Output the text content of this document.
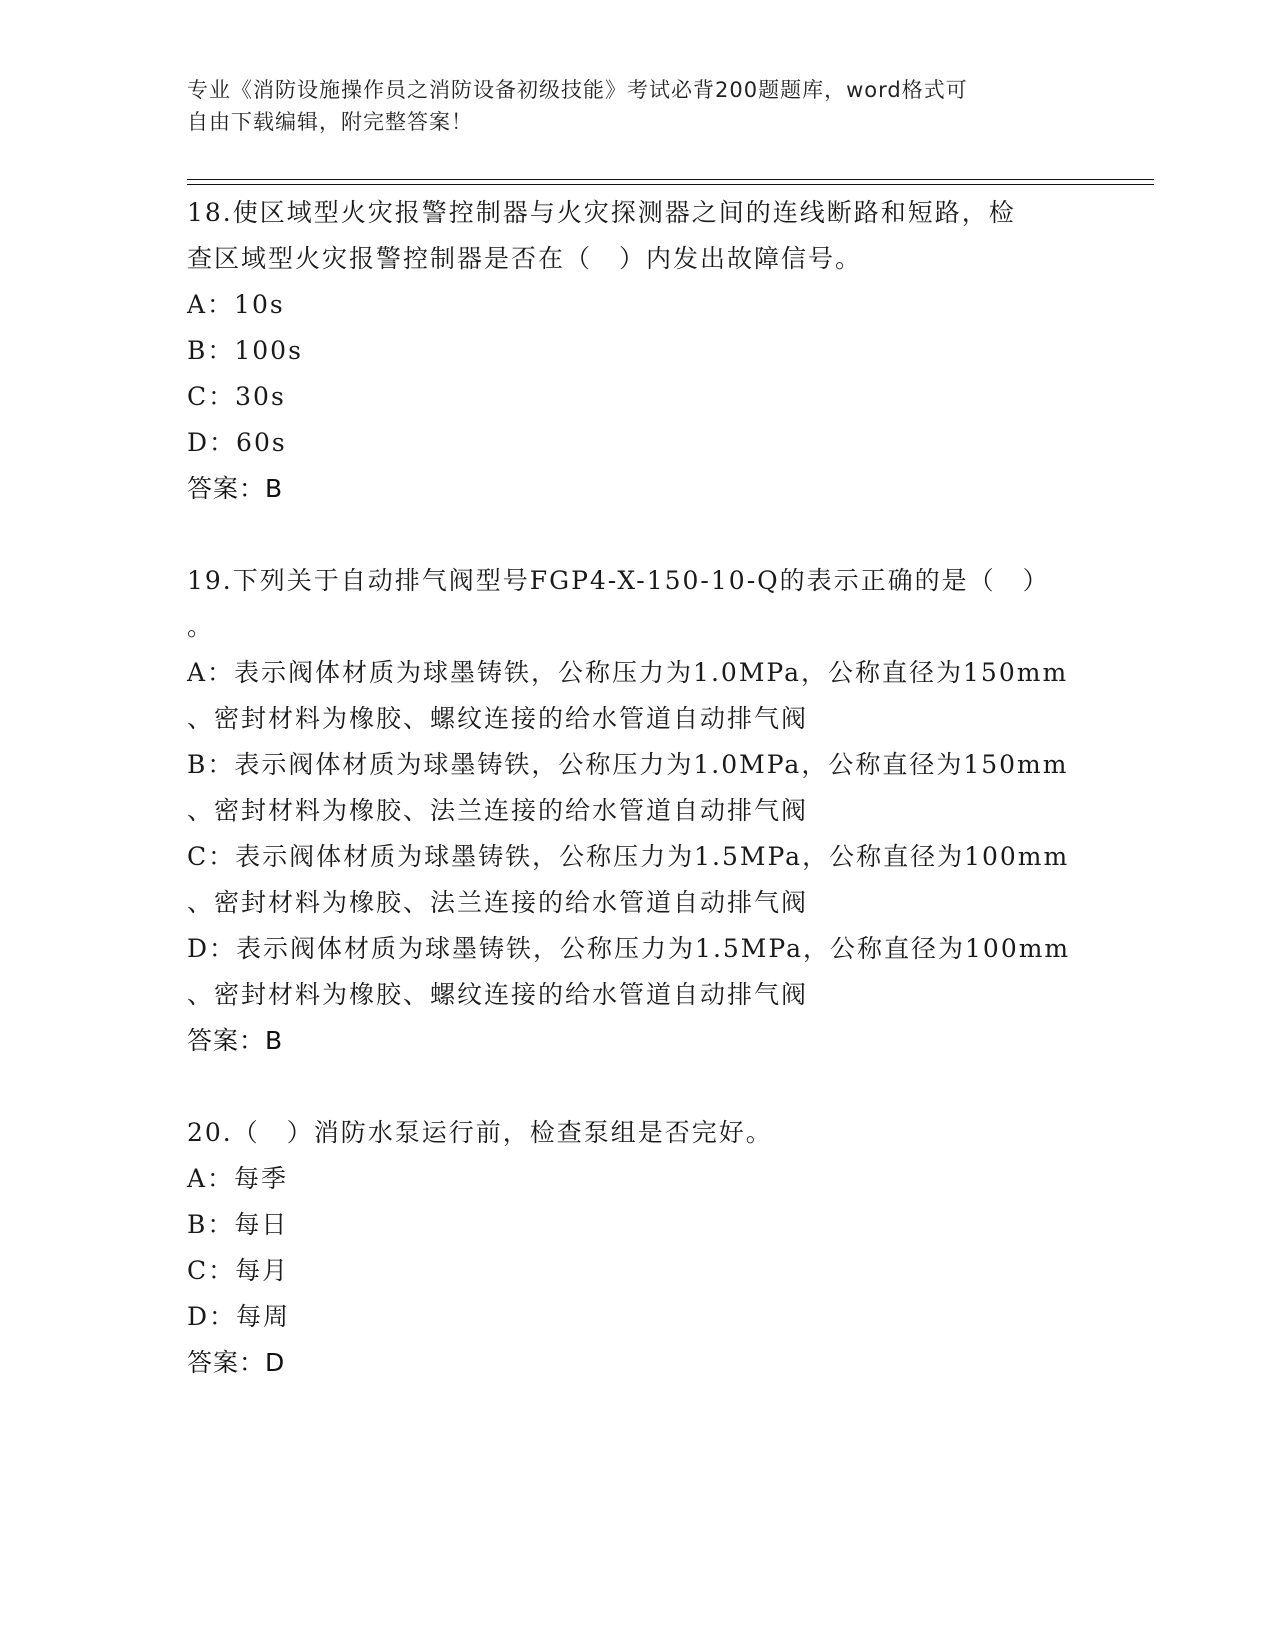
专业《消防设施操作员之消防设备初级技能》考试必背200题题库，word格式可
自由下载编辑，附完整答案！
18.使区域型火灾报警控制器与火灾探测器之间的连线断路和短路，检
查区域型火灾报警控制器是否在（　）内发出故障信号。
A：10s
B：100s
C：30s
D：60s
答案：B
19.下列关于自动排气阀型号FGP4-X-150-10-Q的表示正确的是（　）
。
A：表示阀体材质为球墨铸铁，公称压力为1.0MPa，公称直径为150mm
、密封材料为橡胶、螺纹连接的给水管道自动排气阀
B：表示阀体材质为球墨铸铁，公称压力为1.0MPa，公称直径为150mm
、密封材料为橡胶、法兰连接的给水管道自动排气阀
C：表示阀体材质为球墨铸铁，公称压力为1.5MPa，公称直径为100mm
、密封材料为橡胶、法兰连接的给水管道自动排气阀
D：表示阀体材质为球墨铸铁，公称压力为1.5MPa，公称直径为100mm
、密封材料为橡胶、螺纹连接的给水管道自动排气阀
答案：B
20.（　）消防水泵运行前，检查泵组是否完好。
A：每季
B：每日
C：每月
D：每周
答案：D
